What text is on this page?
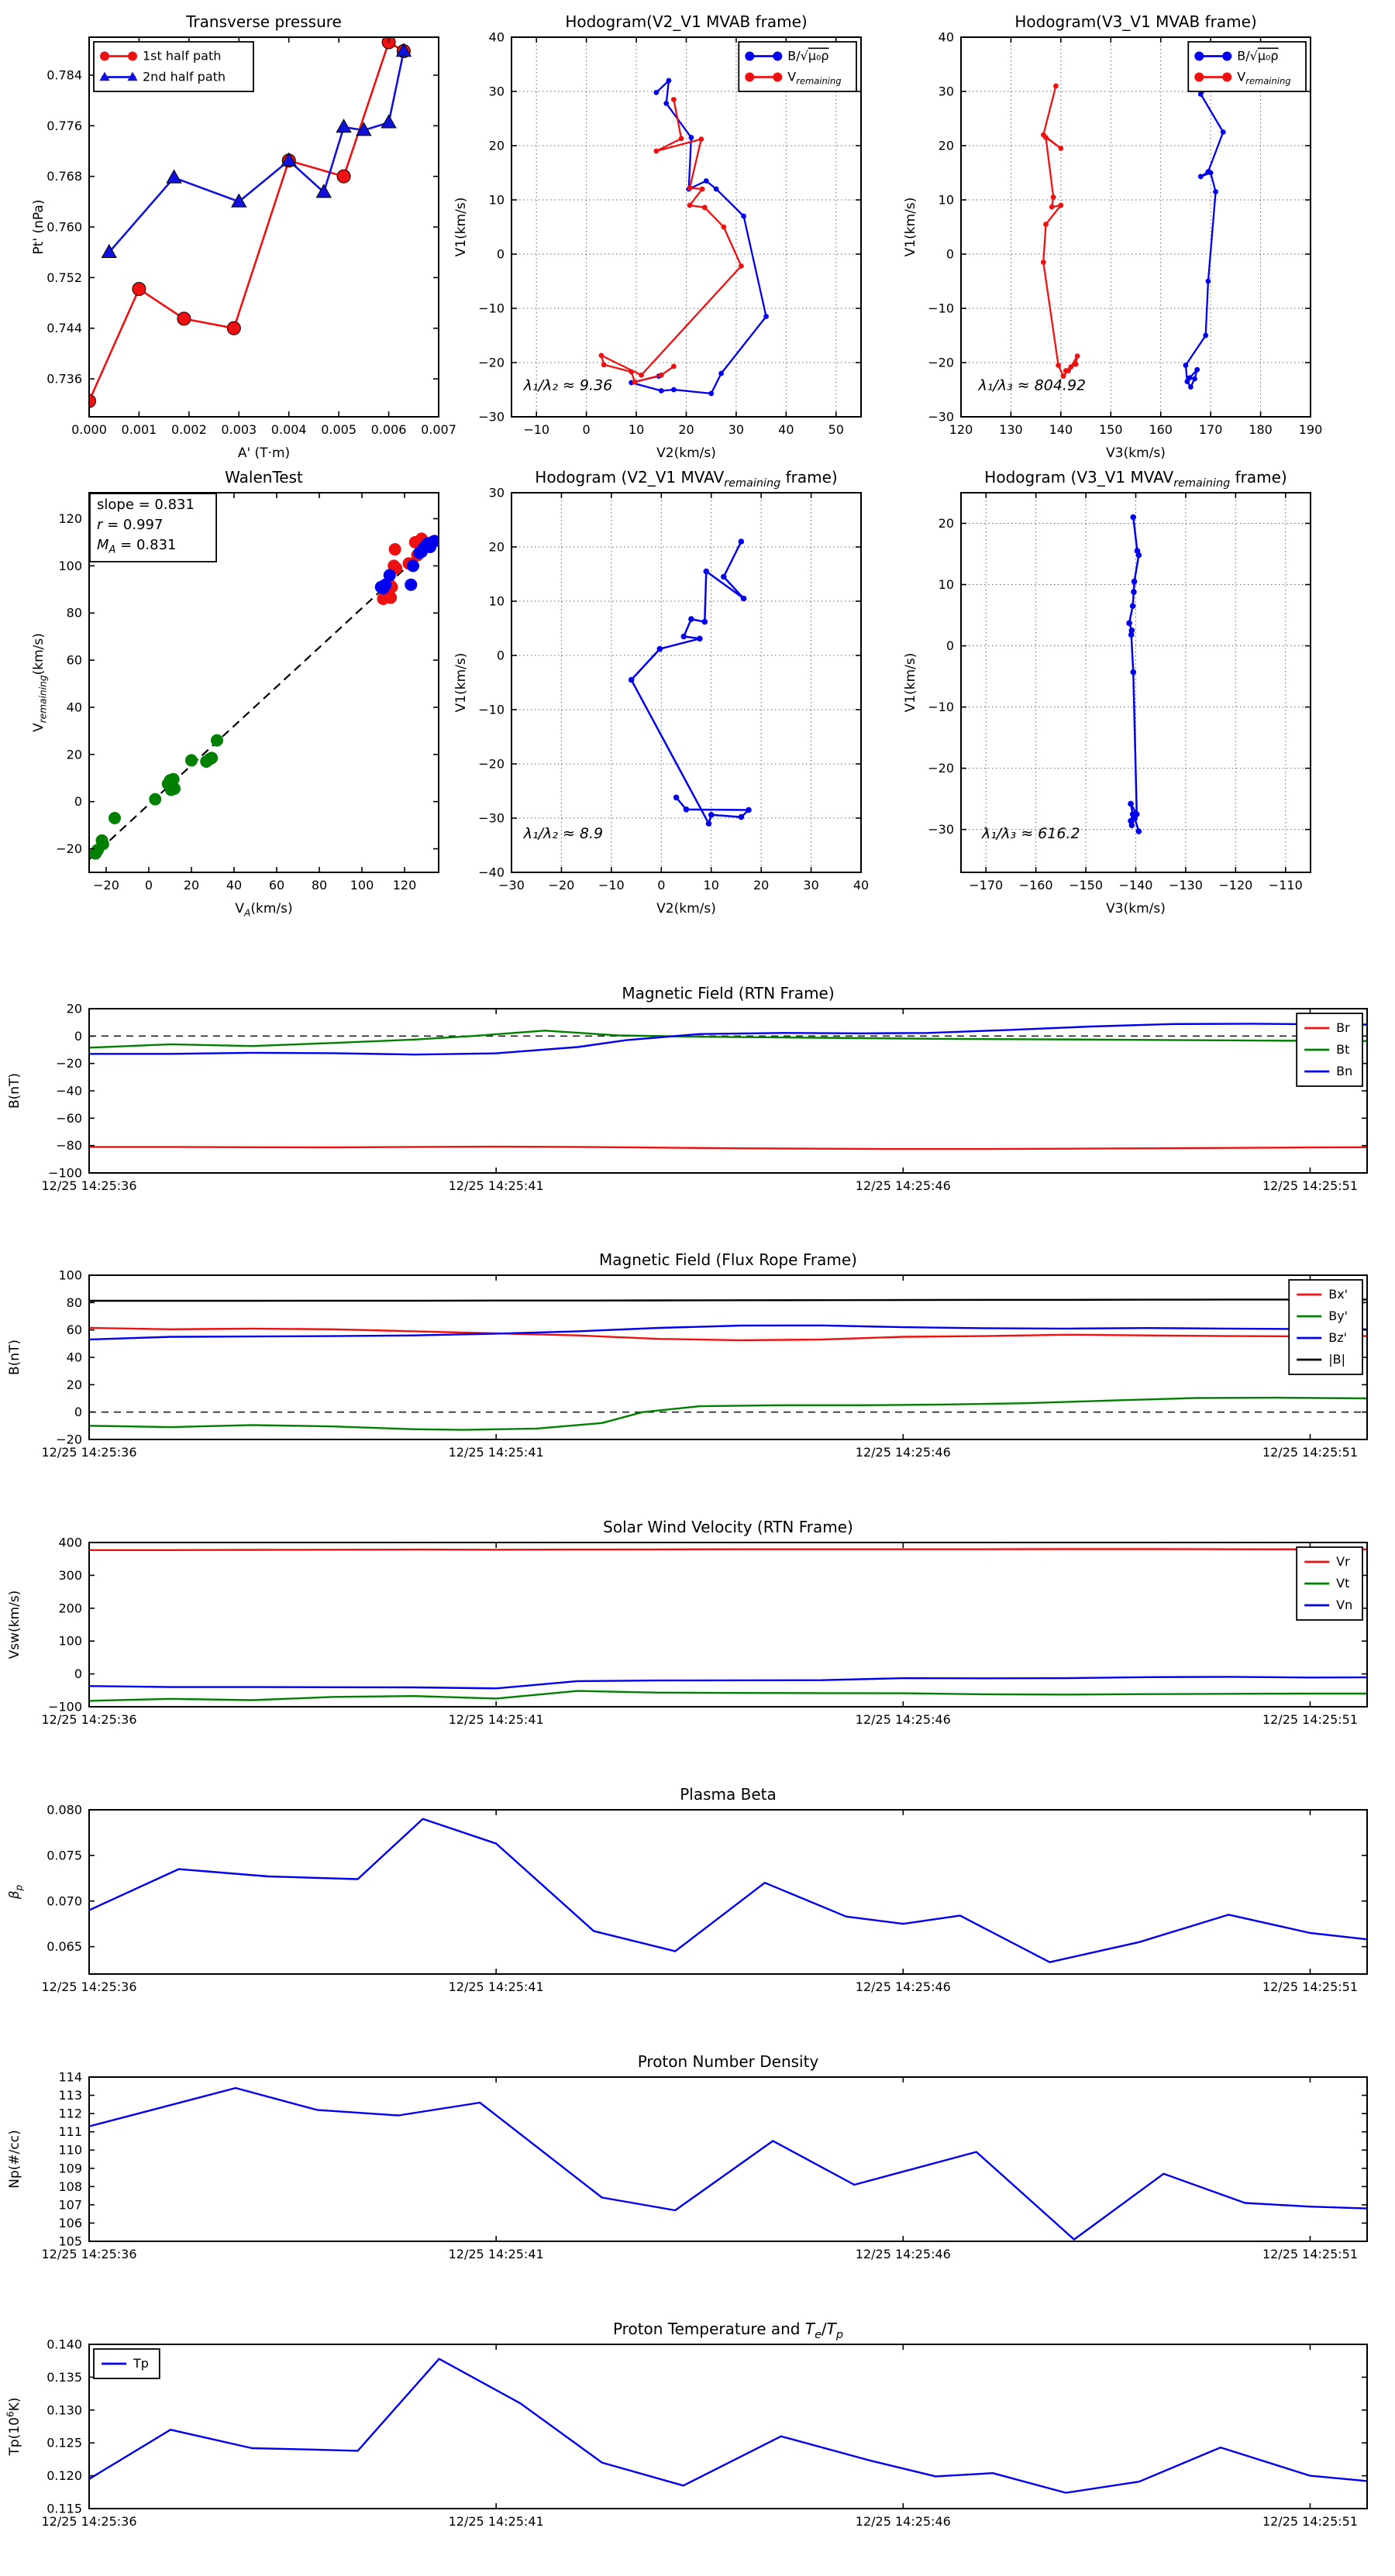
0.000 0.001 0.002 0.003 0.004 0.005 0.006 0.007
0.736
0.744
0.752
0.760
0.768
0.776
0.784
Transverse pressure
A' (T·m)
Pt' (nPa)
1st half path
2nd half path
−10	0	10	20	30	40	50
−30
−20
−10
0
10
20
30
40
Hodogram(V2_V1 MVAB frame)
V2(km/s)
V1(km/s)
B/√μ₀ρ
$V_{remaining}$
λ₁/λ₂ ≈ 9.36
120 130 140 150 160 170 180 190
−30
−20
−10
0
10
20
30
40
Hodogram(V3_V1 MVAB frame)
V3(km/s)
V1(km/s)
B/√μ₀ρ
$V_{remaining}$
λ₁/λ₃ ≈ 804.92
−20 0 20 40 60 80 100 120
−20
0
20
40
60
80
100
120
WalenTest
$V_A(km/s)$
$V_{remaining}(km/s)$
slope = 0.831
r = 0.997
$M_A = 0.831$
−30 −20 −10	0	10	20	30	40
−40
−30
−20
−10
0
10
20
30
Hodogram (V2_V1 $MVAV_{remaining}$ frame)
V2(km/s)
V1(km/s)
λ₁/λ₂ ≈ 8.9
−170 −160 −150 −140 −130 −120 −110
−30
−20
−10
0
10
20
Hodogram (V3_V1 $MVAV_{remaining}$ frame)
V3(km/s)
V1(km/s)
λ₁/λ₃ ≈ 616.2
12/25 14:25:36	12/25 14:25:41	12/25 14:25:46	12/25 14:25:51
20
0
−20
−40
−60
−80
−100
Magnetic Field (RTN Frame)
B(nT)
Br
Bt
Bn
12/25 14:25:36	12/25 14:25:41	12/25 14:25:46	12/25 14:25:51
100
80
60
40
20
0
−20
Magnetic Field (Flux Rope Frame)
B(nT)
Bx'
By'
Bz'
|B|
12/25 14:25:36	12/25 14:25:41	12/25 14:25:46	12/25 14:25:51
400
300
200
100
0
−100
Solar Wind Velocity (RTN Frame)
Vsw(km/s)
Vr
Vt
Vn
12/25 14:25:36	12/25 14:25:41	12/25 14:25:46	12/25 14:25:51
0.080
0.075
0.070
0.065
Plasma Beta
$\beta_p$
12/25 14:25:36	12/25 14:25:41	12/25 14:25:46	12/25 14:25:51
114
113
112
111
110
109
108
107
106
105
Proton Number Density
Np(#/cc)
12/25 14:25:36	12/25 14:25:41	12/25 14:25:46	12/25 14:25:51
0.140
0.135
0.130
0.125
0.120
0.115
Proton Temperature and $T_e/T_p$
$Tp(10^6K)$
Tp
